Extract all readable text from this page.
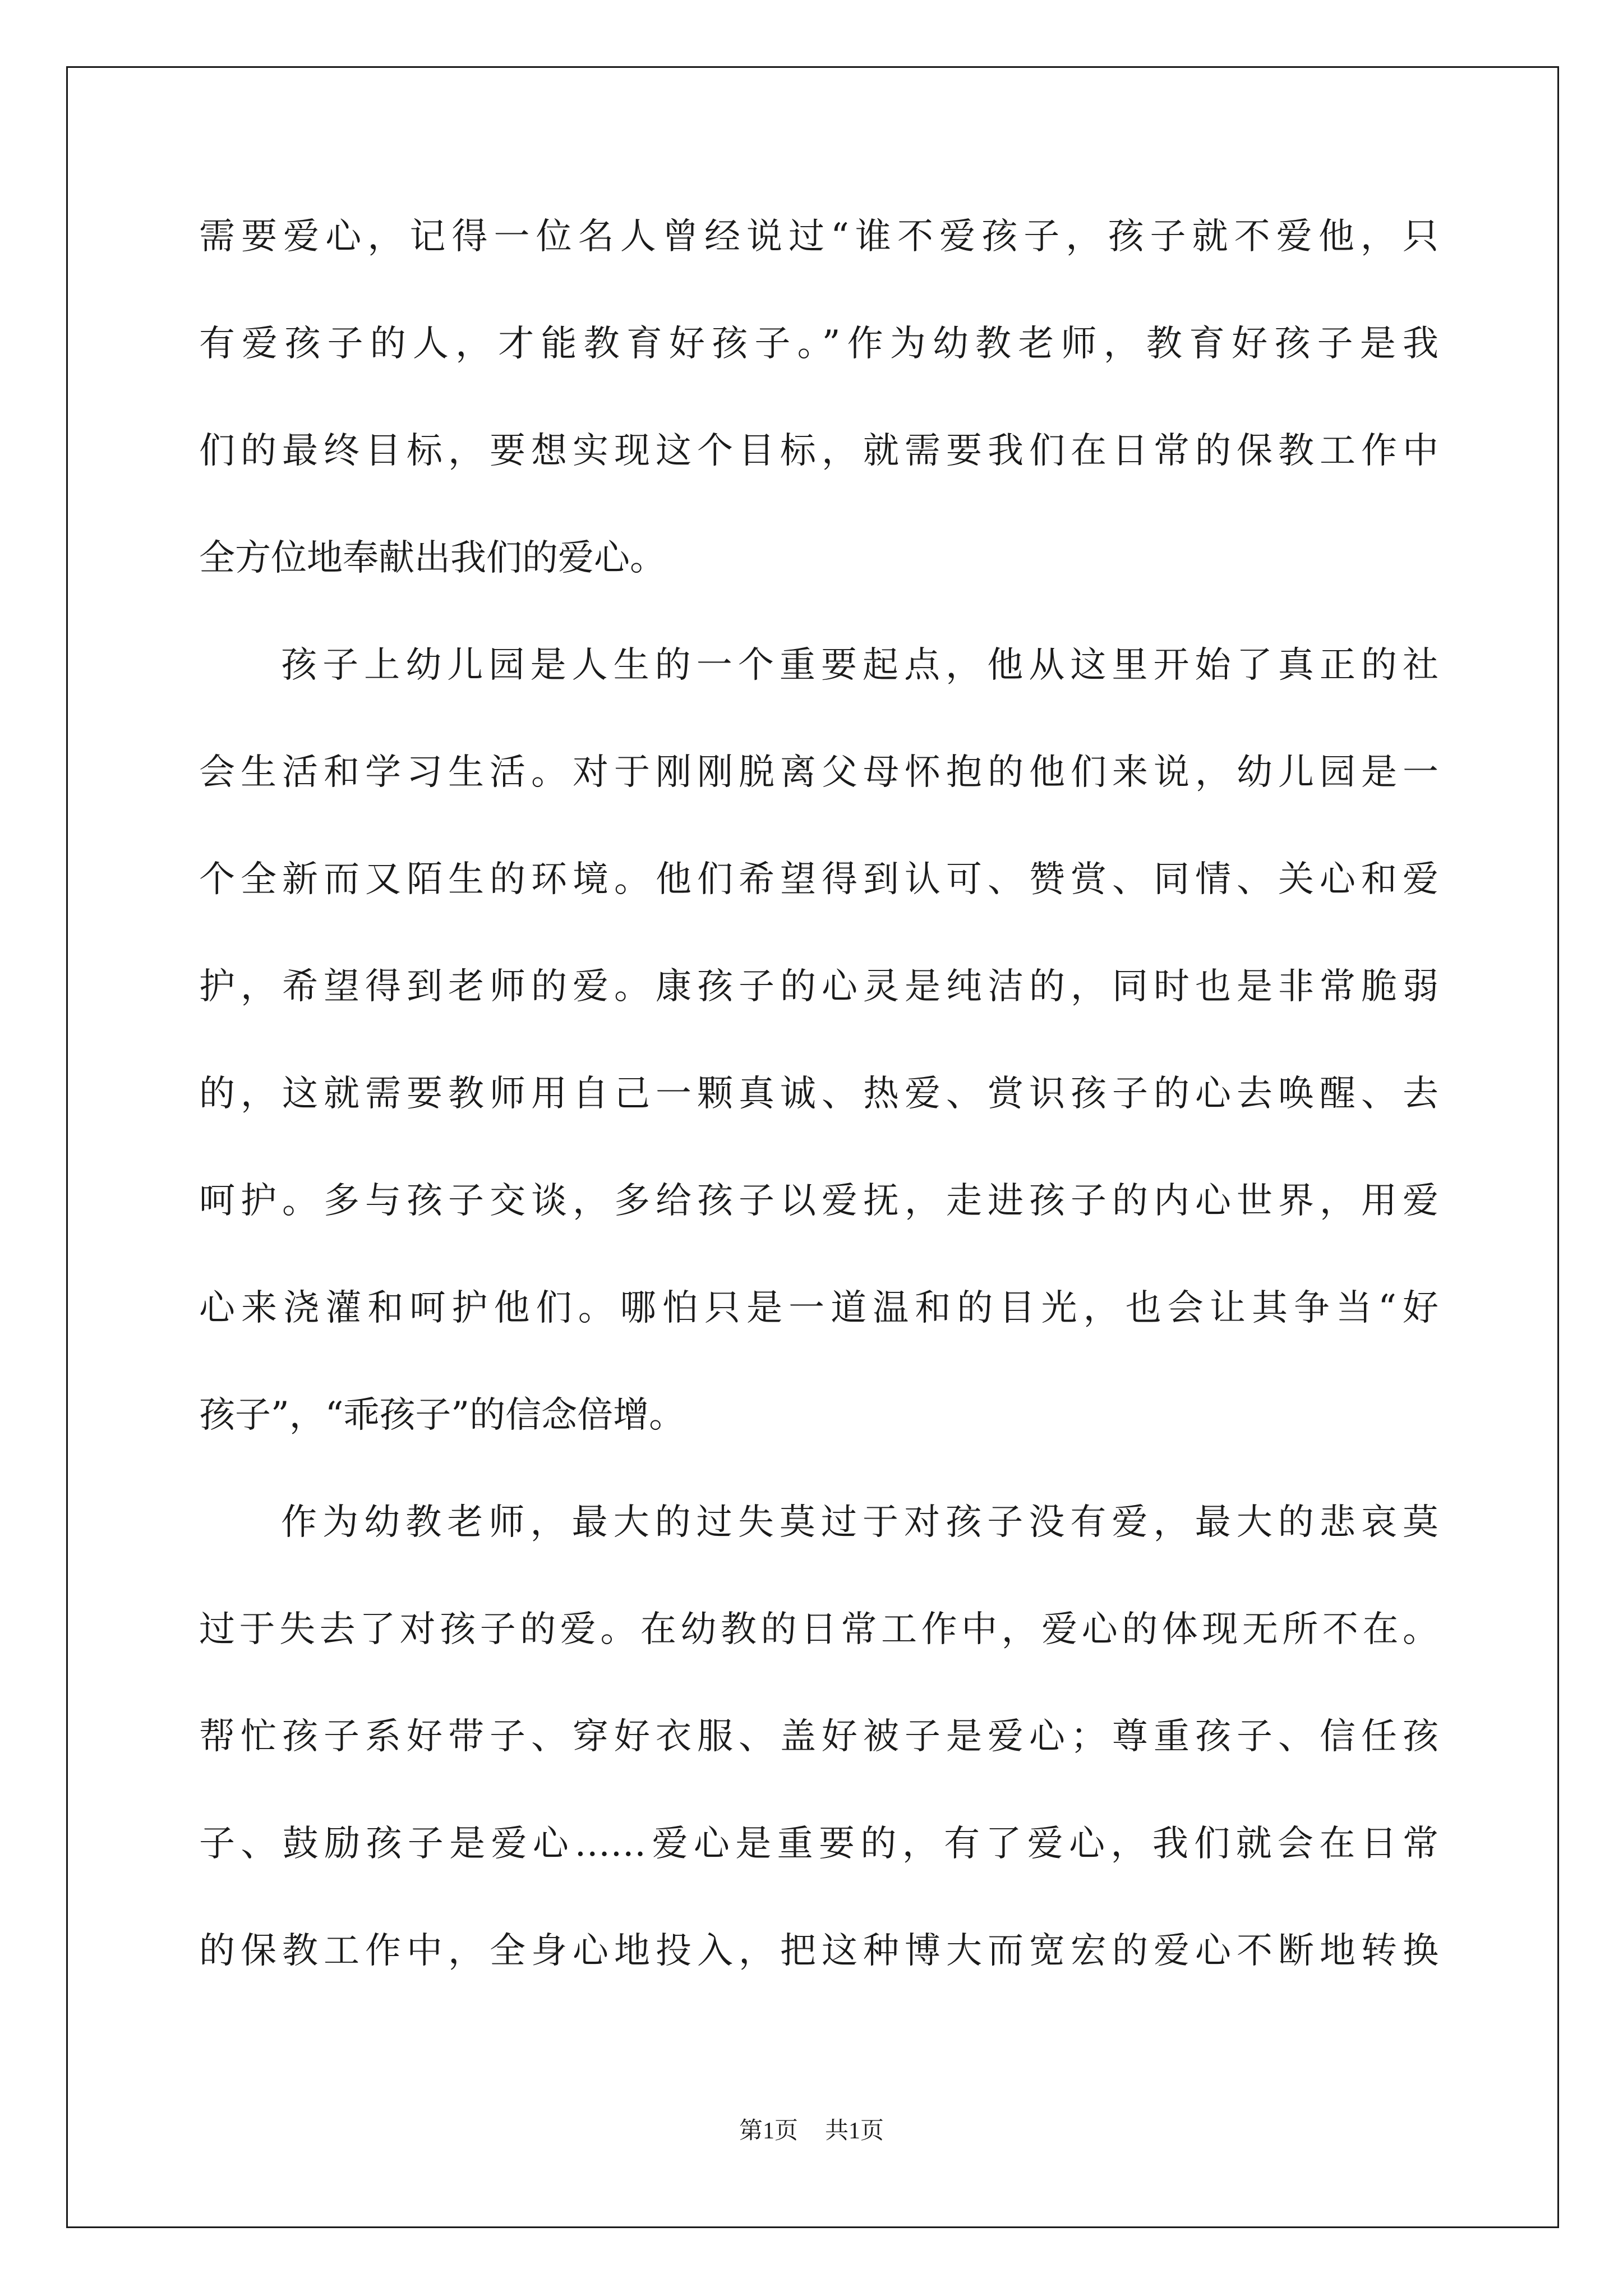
需要爱心，记得一位名人曾经说过“谁不爱孩子，孩子就不爱他，只

有爱孩子的人，才能教育好孩子。”作为幼教老师，教育好孩子是我

们的最终目标，要想实现这个目标，就需要我们在日常的保教工作中

全方位地奉献出我们的爱心。

孩子上幼儿园是人生的一个重要起点，他从这里开始了真正的社

会生活和学习生活。对于刚刚脱离父母怀抱的他们来说，幼儿园是一

个全新而又陌生的环境。他们希望得到认可、赞赏、同情、关心和爱

护，希望得到老师的爱。康孩子的心灵是纯洁的，同时也是非常脆弱

的，这就需要教师用自己一颗真诚、热爱、赏识孩子的心去唤醒、去

呵护。多与孩子交谈，多给孩子以爱抚，走进孩子的内心世界，用爱

心来浇灌和呵护他们。哪怕只是一道温和的目光，也会让其争当“好

孩子”，“乖孩子”的信念倍增。

作为幼教老师，最大的过失莫过于对孩子没有爱，最大的悲哀莫

过于失去了对孩子的爱。在幼教的日常工作中，爱心的体现无所不在。

帮忙孩子系好带子、穿好衣服、盖好被子是爱心；尊重孩子、信任孩

子、鼓励孩子是爱心……爱心是重要的，有了爱心，我们就会在日常

的保教工作中，全身心地投入，把这种博大而宽宏的爱心不断地转换

第1页 共1页
